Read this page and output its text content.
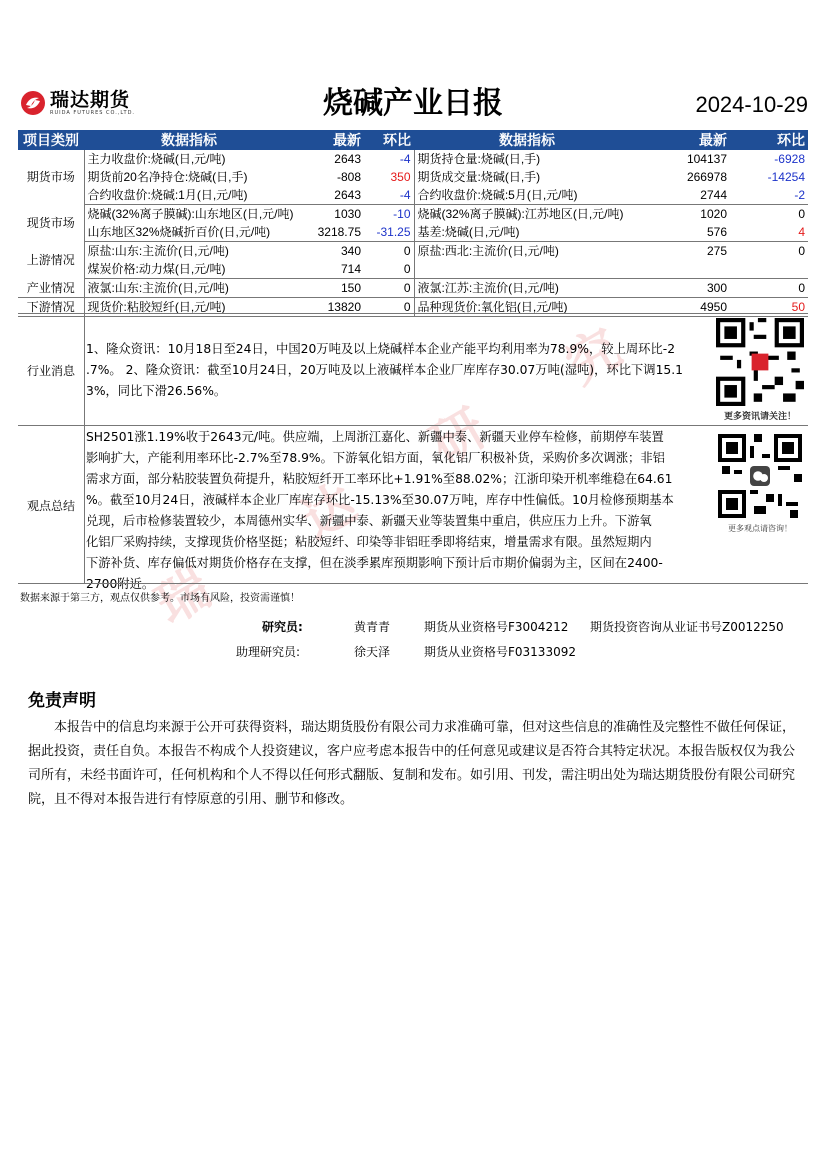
瑞
达
研
究
瑞达期货
RUIDA FUTURES CO.,LTD.	烧碱产业日报	2024-10-29
项目类别	数据指标	最新	环比	数据指标	最新	环比
期货市场	主力收盘价:烧碱(日,元/吨)	2643	-4	期货持仓量:烧碱(日,手)	104137	-6928
	期货前20名净持仓:烧碱(日,手)	-808	350	期货成交量:烧碱(日,手)	266978	-14254
	合约收盘价:烧碱:1月(日,元/吨)	2643	-4	合约收盘价:烧碱:5月(日,元/吨)	2744	-2
现货市场	烧碱(32%离子膜碱):山东地区(日,元/吨)	1030	-10	烧碱(32%离子膜碱):江苏地区(日,元/吨)	1020	0
	山东地区32%烧碱折百价(日,元/吨)	3218.75	-31.25	基差:烧碱(日,元/吨)	576	4
上游情况	原盐:山东:主流价(日,元/吨)	340	0	原盐:西北:主流价(日,元/吨)	275	0
	煤炭价格:动力煤(日,元/吨)	714	0			
产业情况	液氯:山东:主流价(日,元/吨)	150	0	液氯:江苏:主流价(日,元/吨)	300	0
下游情况	现货价:粘胶短纤(日,元/吨)	13820	0	品种现货价:氧化铝(日,元/吨)	4950	50
行业消息
1、隆众资讯：10月18日至24日，中国20万吨及以上烧碱样本企业产能平均利用率为78.9%，较上周环比-2
.7%。 2、隆众资讯：截至10月24日，20万吨及以上液碱样本企业厂库库存30.07万吨(湿吨)，环比下调15.1
3%，同比下滑26.56%。
更多资讯请关注！
观点总结
SH2501涨1.19%收于2643元/吨。供应端，上周浙江嘉化、新疆中泰、新疆天业停车检修，前期停车装置
影响扩大，产能利用率环比-2.7%至78.9%。下游氧化铝方面，氧化铝厂积极补货，采购价多次调涨；非铝
需求方面，部分粘胶装置负荷提升，粘胶短纤开工率环比+1.91%至88.02%；江浙印染开机率维稳在64.61
%。截至10月24日，液碱样本企业厂库库存环比-15.13%至30.07万吨，库存中性偏低。10月检修预期基本
兑现，后市检修装置较少，本周德州实华、新疆中泰、新疆天业等装置集中重启，供应压力上升。下游氧
化铝厂采购持续，支撑现货价格坚挺；粘胶短纤、印染等非铝旺季即将结束，增量需求有限。虽然短期内
下游补货、库存偏低对期货价格存在支撑，但在淡季累库预期影响下预计后市期价偏弱为主，区间在2400-
2700附近。
更多观点请咨询！
数据来源于第三方，观点仅供参考。市场有风险，投资需谨慎！
研究员:	黄青青	期货从业资格号F3004212 期货投资咨询从业证书号Z0012250
助理研究员:	徐天泽	期货从业资格号F03133092
免责声明
本报告中的信息均来源于公开可获得资料，瑞达期货股份有限公司力求准确可靠，但对这些信息的准确性及完整性不做任何保证，据此投资，责任自负。本报告不构成个人投资建议，客户应考虑本报告中的任何意见或建议是否符合其特定状况。本报告版权仅为我公司所有，未经书面许可，任何机构和个人不得以任何形式翻版、复制和发布。如引用、刊发，需注明出处为瑞达期货股份有限公司研究院，且不得对本报告进行有悖原意的引用、删节和修改。
